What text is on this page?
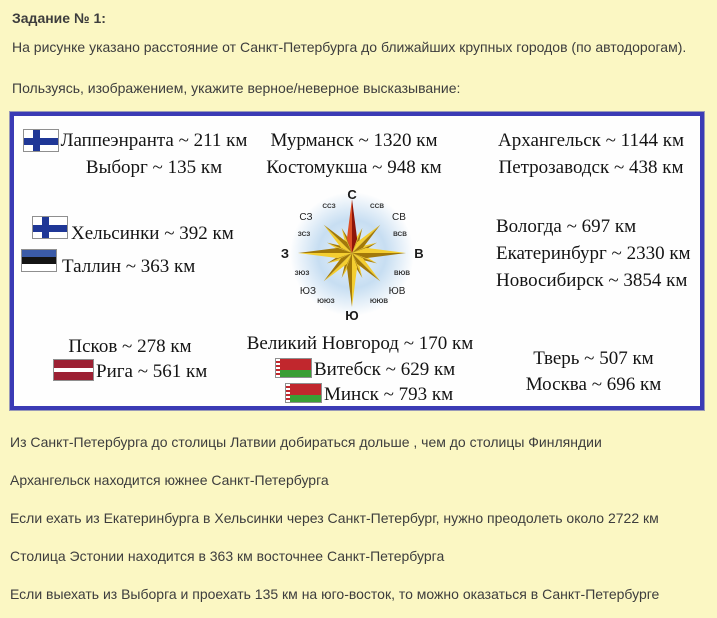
Задание № 1:
На рисунке указано расстояние от Санкт-Петербурга до ближайших крупных городов (по автодорогам).
Пользуясь, изображением, укажите верное/неверное высказывание:
Лаппеэнранта ~ 211 км
Выборг ~ 135 км
Мурманск ~ 1320 км
Костомукша ~ 948 км
Архангельск ~ 1144 км
Петрозаводск ~ 438 км
Хельсинки ~ 392 км
Таллин ~ 363 км
С
Ю
З	В
СЗ	СВ
ЮЗ	ЮВ
ССЗ	ССВ
ЗСЗ	ВСВ
ЗЮЗ	ВЮВ
ЮЮЗ	ЮЮВ
Вологда ~ 697 км
Екатеринбург ~ 2330 км
Новосибирск ~ 3854 км
Псков ~ 278 км
Рига ~ 561 км
Великий Новгород ~ 170 км
Витебск ~ 629 км
Минск ~ 793 км
Тверь ~ 507 км
Москва ~ 696 км
Из Санкт-Петербурга до столицы Латвии добираться дольше , чем до столицы Финляндии
Архангельск находится южнее Санкт-Петербурга
Если ехать из Екатеринбурга в Хельсинки через Санкт-Петербург, нужно преодолеть около 2722 км
Столица Эстонии находится в 363 км восточнее Санкт-Петербурга
Если выехать из Выборга и проехать 135 км на юго-восток, то можно оказаться в Санкт-Петербурге
